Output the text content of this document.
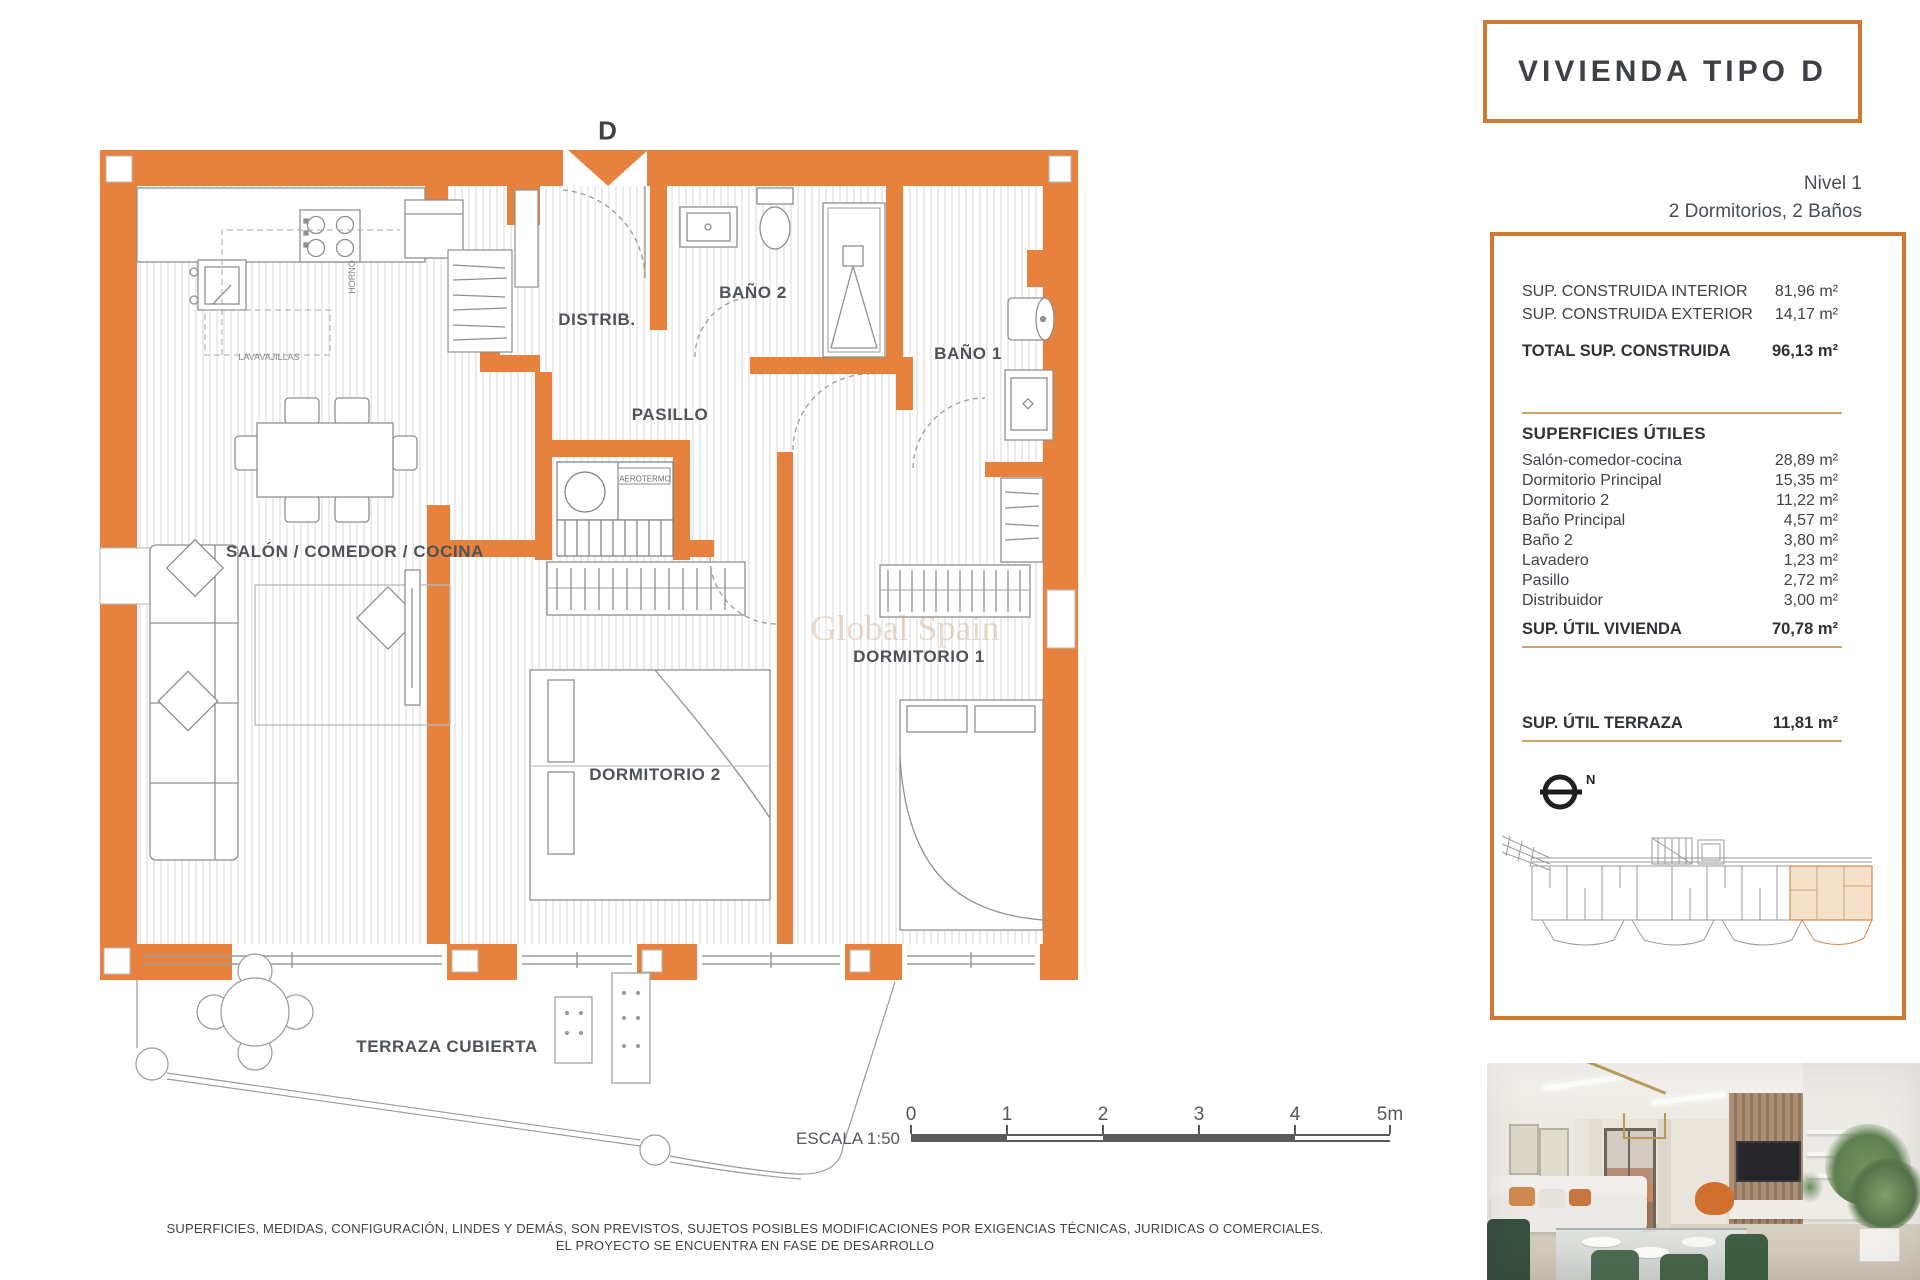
D
DISTRIB.
BAÑO 2
BAÑO 1
PASILLO
SALÓN / COMEDOR / COCINA
DORMITORIO 2
DORMITORIO 1
TERRAZA CUBIERTA
AEROTERMO
HORNO
LAVAVAJILLAS
Global Spain
ESCALA 1:50
0	1	2	3	4	5m
SUPERFICIES, MEDIDAS, CONFIGURACIÓN, LINDES Y DEMÁS, SON PREVISTOS, SUJETOS POSIBLES MODIFICACIONES POR EXIGENCIAS TÉCNICAS, JURIDICAS O COMERCIALES.
EL PROYECTO SE ENCUENTRA EN FASE DE DESARROLLO
VIVIENDA TIPO D
Nivel 1
2 Dormitorios, 2 Baños
SUP. CONSTRUIDA INTERIOR 81,96 m²
SUP. CONSTRUIDA EXTERIOR 14,17 m²
TOTAL SUP. CONSTRUIDA 96,13 m²
SUPERFICIES ÚTILES
Salón-comedor-cocina	28,89 m²
Dormitorio Principal	15,35 m²
Dormitorio 2	11,22 m²
Baño Principal	4,57 m²
Baño 2	3,80 m²
Lavadero	1,23 m²
Pasillo	2,72 m²
Distribuidor	3,00 m²
SUP. ÚTIL VIVIENDA	70,78 m²
SUP. ÚTIL TERRAZA	11,81 m²
N
